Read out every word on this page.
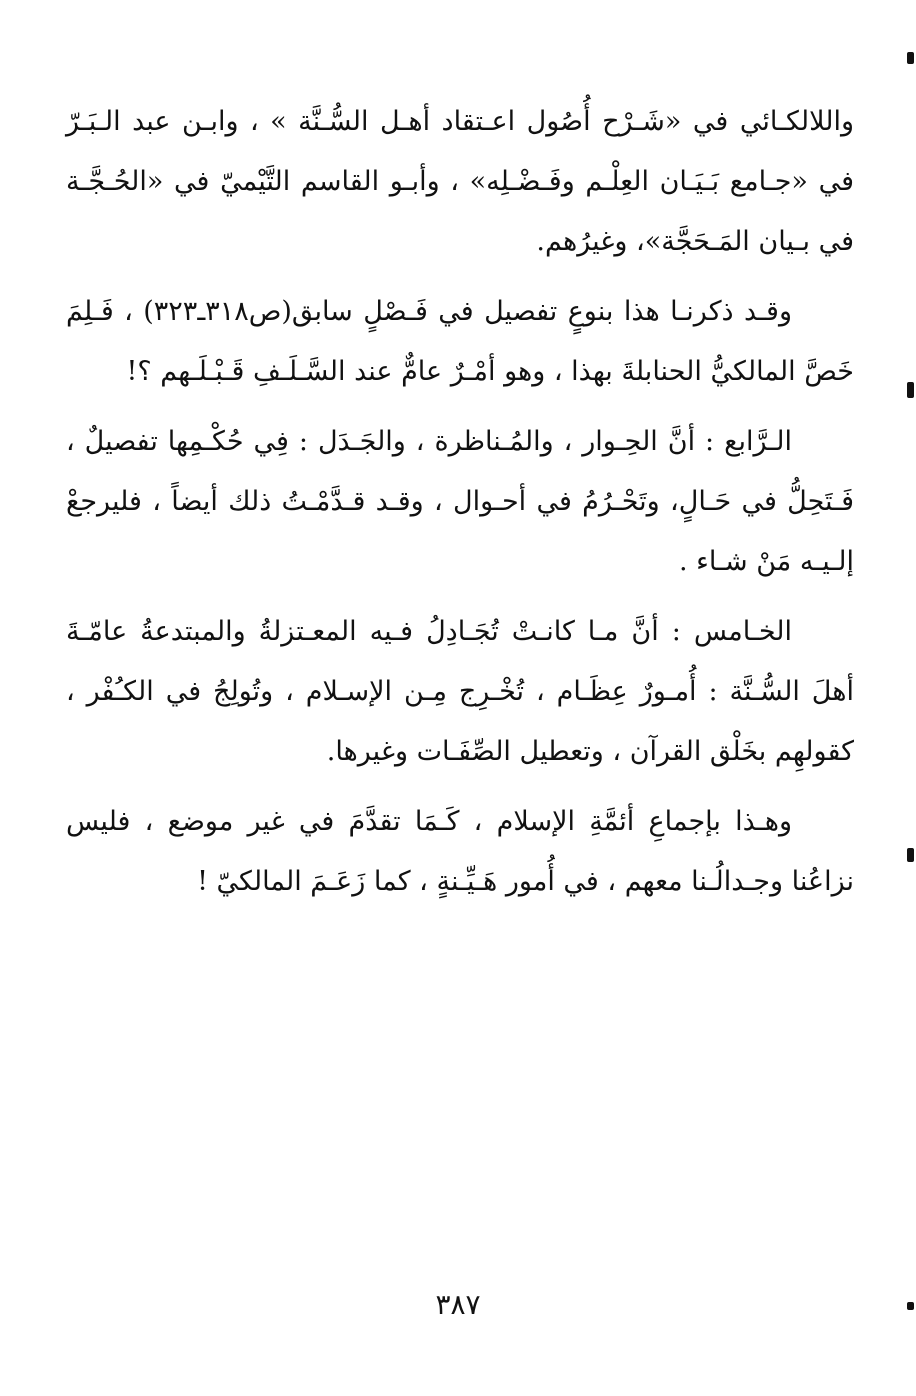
واللالكـائي في «شَـرْح أُصُول اعـتقاد أهـل السُّـنَّة » ، وابـن عبد الـبَـرّ في «جـامع بَـيَـان العِلْـم وفَـضْـلِه» ، وأبـو القاسم التَّيْميّ في «الحُـجَّـة في بـيان المَـحَجَّة»، وغيرُهم.

وقـد ذكرنـا هذا بنوعٍ تفصيل في فَـصْلٍ سابق(ص٣١٨ـ٣٢٣) ، فَـلِمَ خَصَّ المالكيُّ الحنابلةَ بهذا ، وهو أمْـرٌ عامٌّ عند السَّـلَـفِ قَـبْـلَـهم ؟!

الـرَّابع : أنَّ الحِـوار ، والمُـناظرة ، والجَـدَل : فِي حُكْـمِها تفصيلٌ ، فَـتَحِلُّ في حَـالٍ، وتَحْـرُمُ في أحـوال ، وقـد قـدَّمْـتُ ذلك أيضاً ، فليرجعْ إلـيـه مَنْ شـاء .

الخـامس : أنَّ مـا كانـتْ تُجَـادِلُ فـيه المعـتزلةُ والمبتدعةُ عامّـةَ أهلَ السُّـنَّة : أُمـورٌ عِظَـام ، تُخْـرِج مِـن الإسـلام ، وتُولِجُ في الكـُفْر ، كقولهِم بخَلْق القرآن ، وتعطيل الصِّفَـات وغيرها.

وهـذا بإجماعِ أئمَّةِ الإسلام ، كَـمَا تقدَّمَ في غير موضع ، فليس نزاعُنا وجـدالُـنا معهم ، في أُمور هَـيِّـنةٍ ، كما زَعَـمَ المالكيّ !

٣٨٧
